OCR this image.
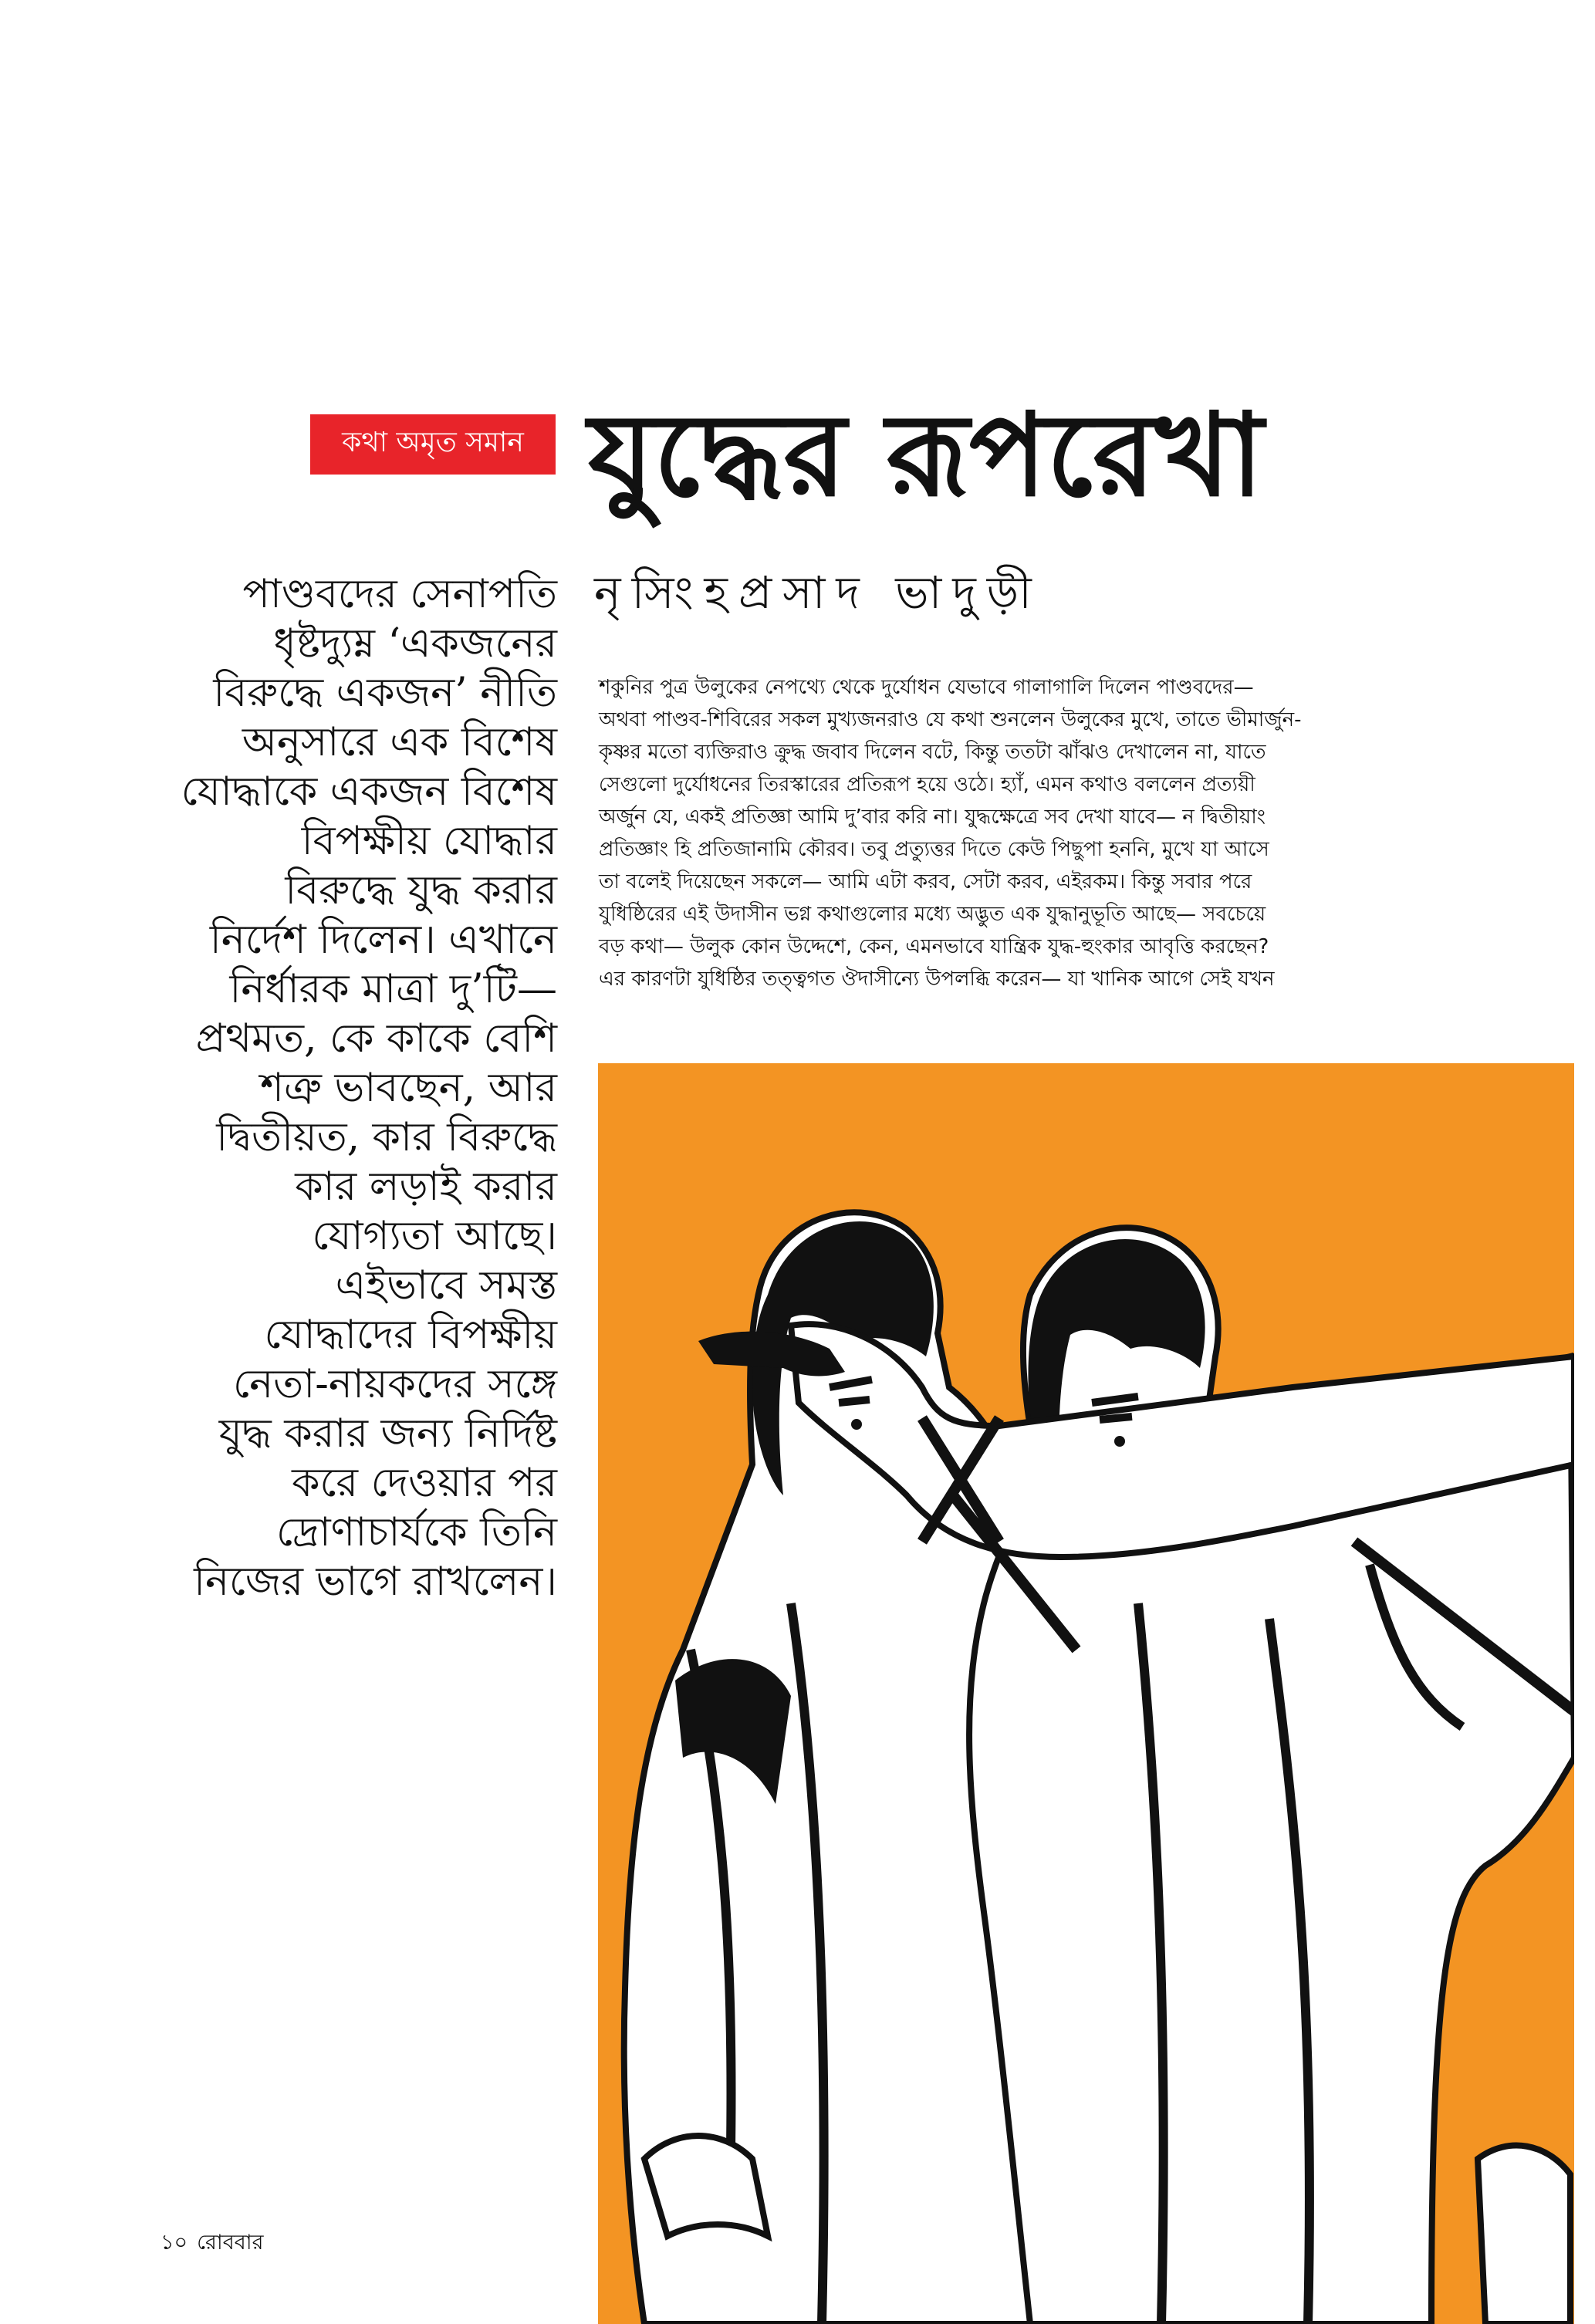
কথা অমৃত সমান যুদ্ধের রূপরেখা
নৃসিংহপ্রসাদ ভাদুড়ী
পাণ্ডবদের সেনাপতি
ধৃষ্টদ্যুম্ন ‘একজনের
বিরুদ্ধে একজন’ নীতি
অনুসারে এক বিশেষ
যোদ্ধাকে একজন বিশেষ
বিপক্ষীয় যোদ্ধার
বিরুদ্ধে যুদ্ধ করার
নির্দেশ দিলেন। এখানে
নির্ধারক মাত্রা দু’টি—
প্রথমত, কে কাকে বেশি
শত্রু ভাবছেন, আর
দ্বিতীয়ত, কার বিরুদ্ধে
কার লড়াই করার
যোগ্যতা আছে।
এইভাবে সমস্ত
যোদ্ধাদের বিপক্ষীয়
নেতা-নায়কদের সঙ্গে
যুদ্ধ করার জন্য নির্দিষ্ট
করে দেওয়ার পর
দ্রোণাচার্যকে তিনি
নিজের ভাগে রাখলেন।
শকুনির পুত্র উলুকের নেপথ্যে থেকে দুর্যোধন যেভাবে গালাগালি দিলেন পাণ্ডবদের—
অথবা পাণ্ডব-শিবিরের সকল মুখ্যজনরাও যে কথা শুনলেন উলুকের মুখে, তাতে ভীমার্জুন-
কৃষ্ণর মতো ব্যক্তিরাও ক্রুদ্ধ জবাব দিলেন বটে, কিন্তু ততটা ঝাঁঝও দেখালেন না, যাতে
সেগুলো দুর্যোধনের তিরস্কারের প্রতিরূপ হয়ে ওঠে। হ্যাঁ, এমন কথাও বললেন প্রত্যয়ী
অর্জুন যে, একই প্রতিজ্ঞা আমি দু’বার করি না। যুদ্ধক্ষেত্রে সব দেখা যাবে— ন দ্বিতীয়াং
প্রতিজ্ঞাং হি প্রতিজানামি কৌরব। তবু প্রত্যুত্তর দিতে কেউ পিছুপা হননি, মুখে যা আসে
তা বলেই দিয়েছেন সকলে— আমি এটা করব, সেটা করব, এইরকম। কিন্তু সবার পরে
যুধিষ্ঠিরের এই উদাসীন ভগ্ন কথাগুলোর মধ্যে অদ্ভুত এক যুদ্ধানুভূতি আছে— সবচেয়ে
বড় কথা— উলুক কোন উদ্দেশে, কেন, এমনভাবে যান্ত্রিক যুদ্ধ-হুংকার আবৃত্তি করছেন?
এর কারণটা যুধিষ্ঠির তত্ত্বগত ঔদাসীন্যে উপলব্ধি করেন— যা খানিক আগে সেই যখন
১০ রোববার
